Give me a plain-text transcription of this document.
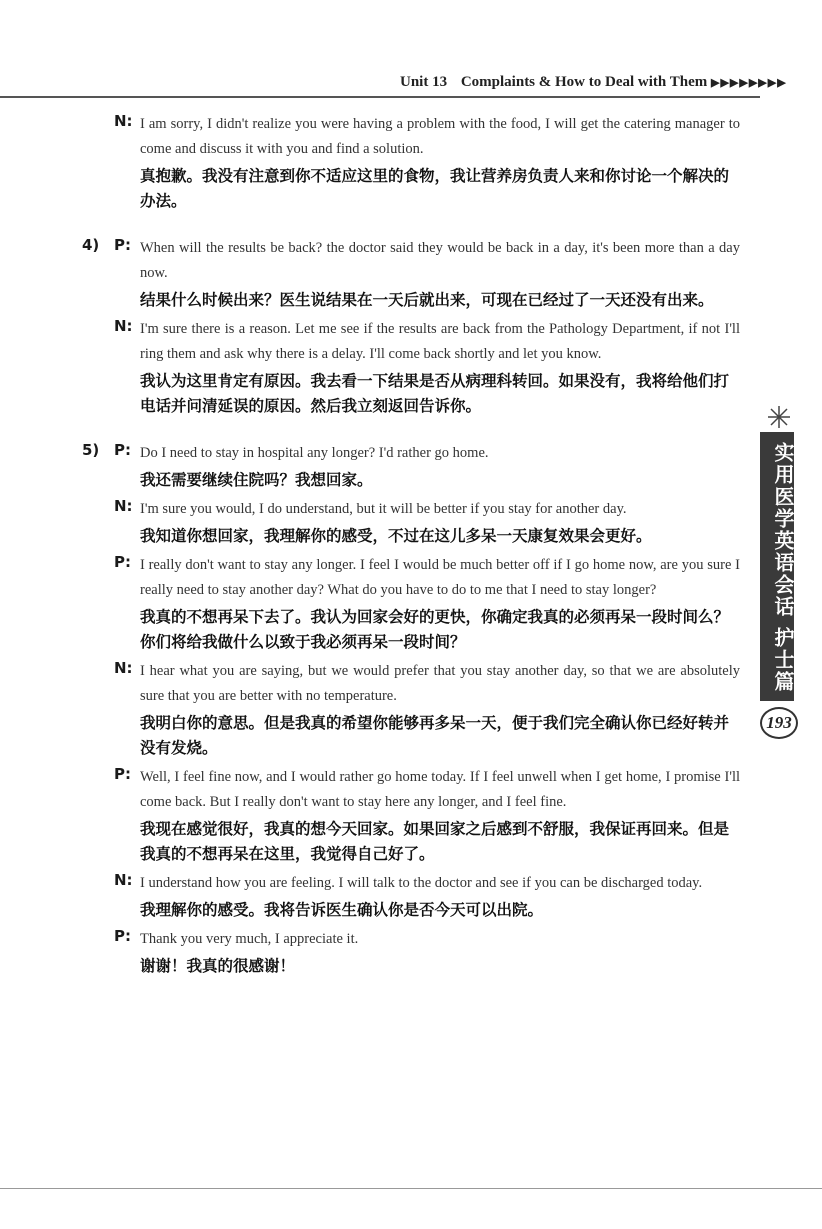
Unit 13 Complaints & How to Deal with Them ▶▶▶▶▶▶▶▶
实用医学英语会话 护士篇
193
N: I am sorry, I didn't realize you were having a problem with the food, I will get the catering manager to come and discuss it with you and find a solution.
真抱歉。我没有注意到你不适应这里的食物，我让营养房负责人来和你讨论一个解决的办法。
4) P: When will the results be back? the doctor said they would be back in a day, it's been more than a day now.
结果什么时候出来？医生说结果在一天后就出来，可现在已经过了一天还没有出来。
N: I'm sure there is a reason. Let me see if the results are back from the Pathology Department, if not I'll ring them and ask why there is a delay. I'll come back shortly and let you know.
我认为这里肯定有原因。我去看一下结果是否从病理科转回。如果没有，我将给他们打电话并问清延误的原因。然后我立刻返回告诉你。
5) P: Do I need to stay in hospital any longer? I'd rather go home.
我还需要继续住院吗？我想回家。
N: I'm sure you would, I do understand, but it will be better if you stay for another day.
我知道你想回家，我理解你的感受，不过在这儿多呆一天康复效果会更好。
P: I really don't want to stay any longer. I feel I would be much better off if I go home now, are you sure I really need to stay another day? What do you have to do to me that I need to stay longer?
我真的不想再呆下去了。我认为回家会好的更快，你确定我真的必须再呆一段时间么？你们将给我做什么以致于我必须再呆一段时间？
N: I hear what you are saying, but we would prefer that you stay another day, so that we are absolutely sure that you are better with no temperature.
我明白你的意思。但是我真的希望你能够再多呆一天，便于我们完全确认你已经好转并没有发烧。
P: Well, I feel fine now, and I would rather go home today. If I feel unwell when I get home, I promise I'll come back. But I really don't want to stay here any longer, and I feel fine.
我现在感觉很好，我真的想今天回家。如果回家之后感到不舒服，我保证再回来。但是我真的不想再呆在这里，我觉得自己好了。
N: I understand how you are feeling. I will talk to the doctor and see if you can be discharged today.
我理解你的感受。我将告诉医生确认你是否今天可以出院。
P: Thank you very much, I appreciate it.
谢谢！我真的很感谢！
